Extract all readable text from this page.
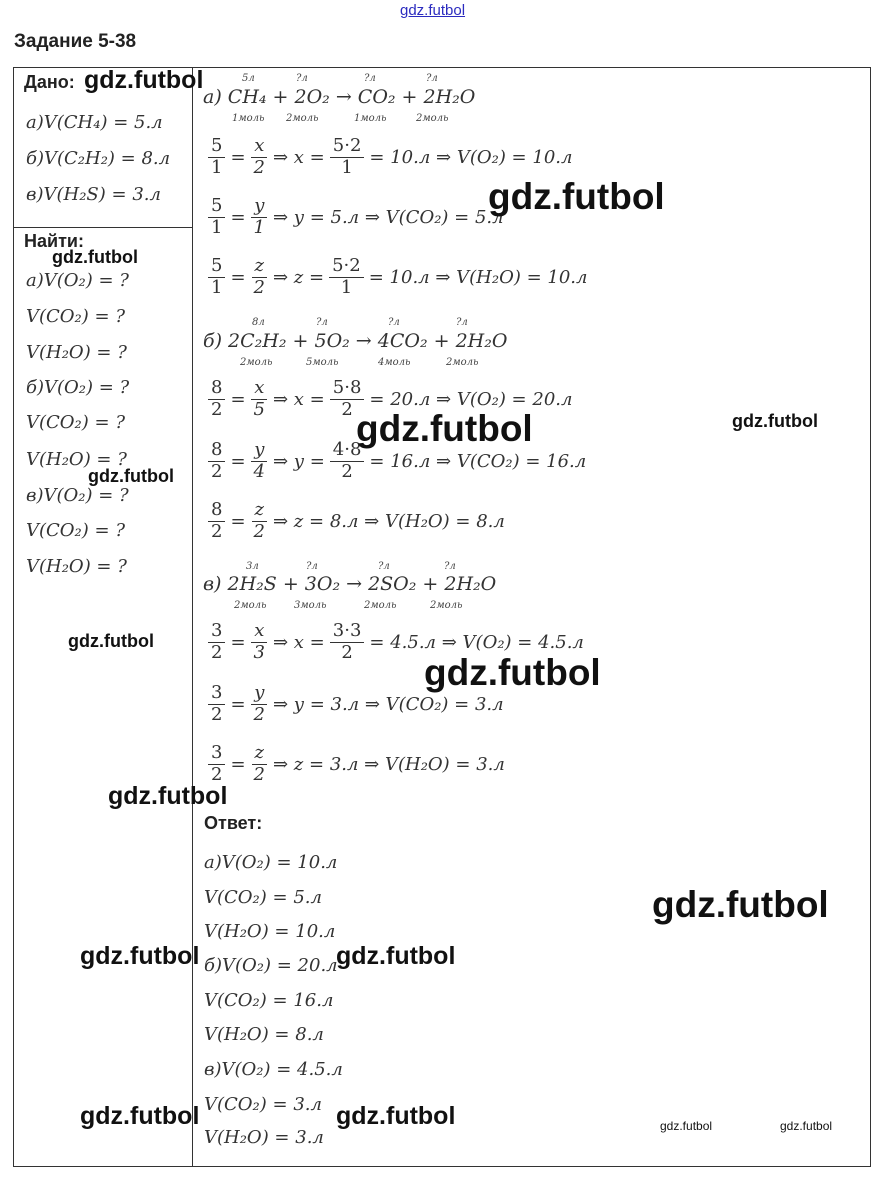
gdz.futbol
Задание 5-38
Дано:
a)V(CH₄) = 5.л
б)V(C₂H₂) = 8.л
в)V(H₂S) = 3.л
Найти:
a)V(O₂) = ?
V(CO₂) = ?
V(H₂O) = ?
б)V(O₂) = ?
V(CO₂) = ?
V(H₂O) = ?
в)V(O₂) = ?
V(CO₂) = ?
V(H₂O) = ?
a) CH₄ + 2O₂ → CO₂ + 2H₂O
5л	?л	?л	?л
1моль 2моль	1моль	2моль
$\frac{5}{1} = \frac{x}{2}$ ⇒ $x = \frac{5\cdot 2}{1} = 10.л$ ⇒ V(O₂) = 10.л
$\frac{5}{1} = \frac{y}{1}$ ⇒ y = 5.л ⇒ V(CO₂) = 5.л
$\frac{5}{1} = \frac{z}{2}$ ⇒ $z = \frac{5\cdot 2}{1} = 10.л$ ⇒ V(H₂O) = 10.л
б) 2C₂H₂ + 5O₂ → 4CO₂ + 2H₂O
8л	?л	?л	?л
2моль	5моль	4моль	2моль
$\frac{8}{2} = \frac{x}{5}$ ⇒ $x = \frac{5\cdot 8}{2} = 20.л$ ⇒ V(O₂) = 20.л
$\frac{8}{2} = \frac{y}{4}$ ⇒ $y = \frac{4\cdot 8}{2} = 16.л$ ⇒ V(CO₂) = 16.л
$\frac{8}{2} = \frac{z}{2}$ ⇒ z = 8.л ⇒ V(H₂O) = 8.л
в) 2H₂S + 3O₂ → 2SO₂ + 2H₂O
3л	?л	?л	?л
2моль	3моль	2моль	2моль
$\frac{3}{2} = \frac{x}{3}$ ⇒ $x = \frac{3\cdot 3}{2} = 4.5.л$ ⇒ V(O₂) = 4.5.л
$\frac{3}{2} = \frac{y}{2}$ ⇒ y = 3.л ⇒ V(CO₂) = 3.л
$\frac{3}{2} = \frac{z}{2}$ ⇒ z = 3.л ⇒ V(H₂O) = 3.л
Ответ:
a)V(O₂) = 10.л
V(CO₂) = 5.л
V(H₂O) = 10.л
б)V(O₂) = 20.л
V(CO₂) = 16.л
V(H₂O) = 8.л
в)V(O₂) = 4.5.л
V(CO₂) = 3.л
V(H₂O) = 3.л
gdz.futbol
gdz.futbol
gdz.futbol
gdz.futbol	gdz.futbol
gdz.futbol
gdz.futbol
gdz.futbol
gdz.futbol
gdz.futbol
gdz.futbol	gdz.futbol
gdz.futbol	gdz.futbol	gdz.futbol	gdz.futbol
